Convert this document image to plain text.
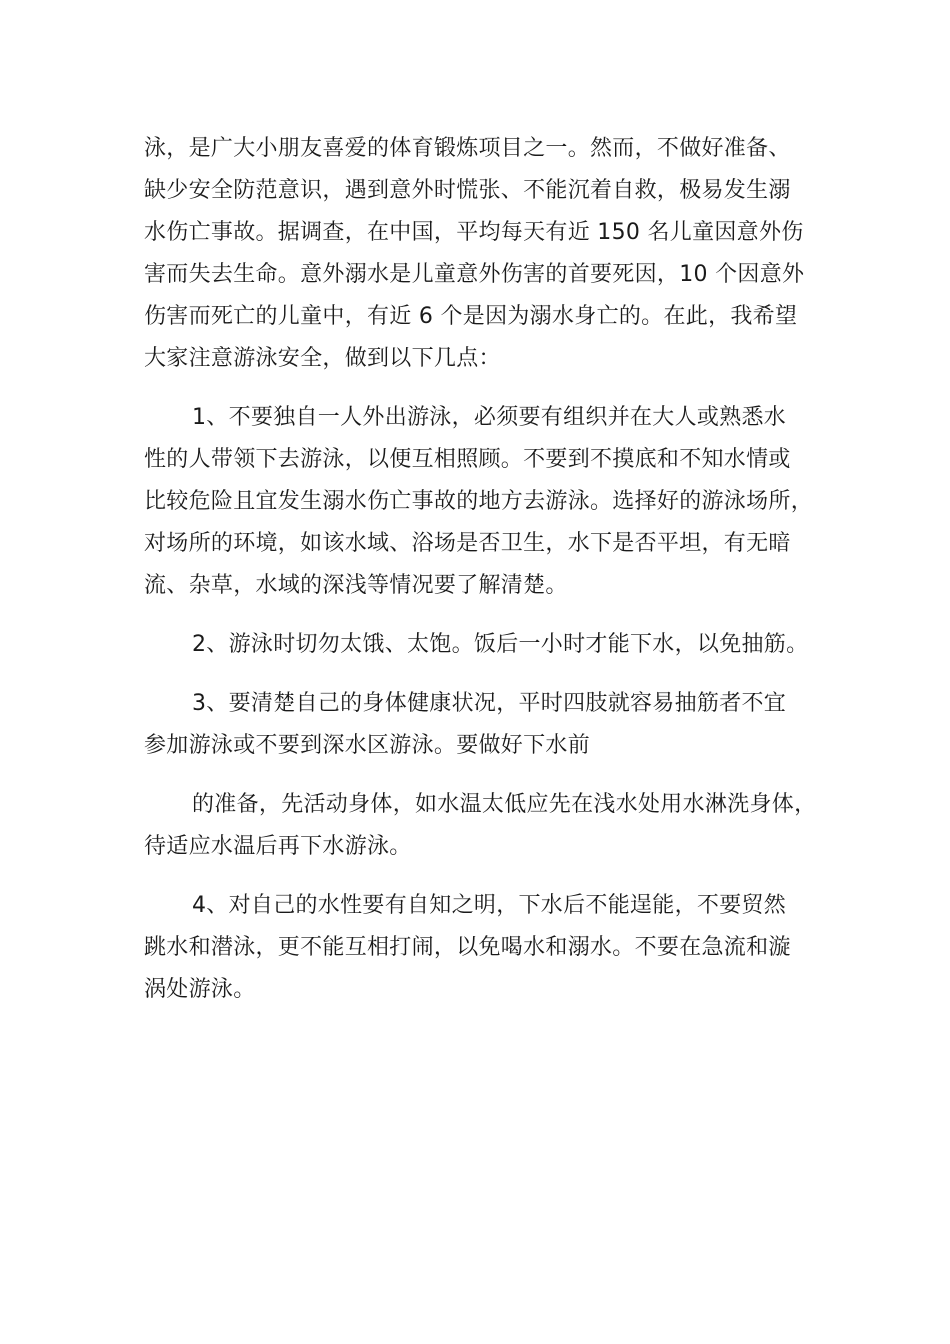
泳，是广大小朋友喜爱的体育锻炼项目之一。然而，不做好准备、
缺少安全防范意识，遇到意外时慌张、不能沉着自救，极易发生溺
水伤亡事故。据调查，在中国，平均每天有近 150 名儿童因意外伤
害而失去生命。意外溺水是儿童意外伤害的首要死因，10 个因意外
伤害而死亡的儿童中，有近 6 个是因为溺水身亡的。在此，我希望
大家注意游泳安全，做到以下几点：
1、不要独自一人外出游泳，必须要有组织并在大人或熟悉水
性的人带领下去游泳，以便互相照顾。不要到不摸底和不知水情或
比较危险且宜发生溺水伤亡事故的地方去游泳。选择好的游泳场所，
对场所的环境，如该水域、浴场是否卫生，水下是否平坦，有无暗
流、杂草，水域的深浅等情况要了解清楚。
2、游泳时切勿太饿、太饱。饭后一小时才能下水，以免抽筋。
3、要清楚自己的身体健康状况，平时四肢就容易抽筋者不宜
参加游泳或不要到深水区游泳。要做好下水前
的准备，先活动身体，如水温太低应先在浅水处用水淋洗身体，
待适应水温后再下水游泳。
4、对自己的水性要有自知之明，下水后不能逞能，不要贸然
跳水和潜泳，更不能互相打闹，以免喝水和溺水。不要在急流和漩
涡处游泳。
